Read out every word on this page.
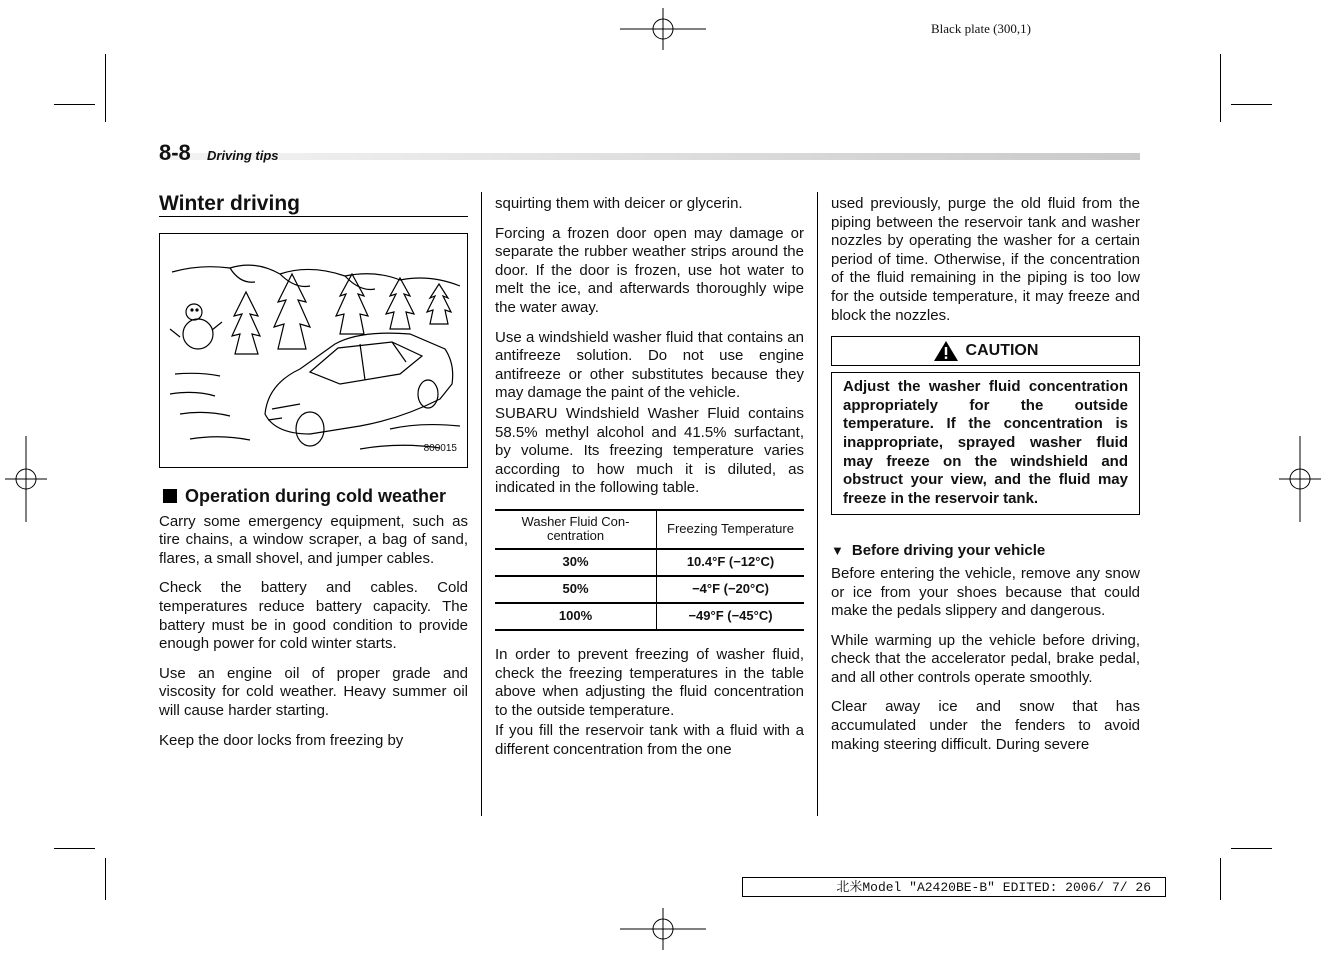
Black plate (300,1)
8-8 Driving tips
Winter driving
800015
Operation during cold weather

Carry some emergency equipment, such as tire chains, a window scraper, a bag of sand, flares, a small shovel, and jumper cables.

Check the battery and cables. Cold temperatures reduce battery capacity. The battery must be in good condition to provide enough power for cold winter starts.

Use an engine oil of proper grade and viscosity for cold weather. Heavy summer oil will cause harder starting.

Keep the door locks from freezing by

squirting them with deicer or glycerin.

Forcing a frozen door open may damage or separate the rubber weather strips around the door. If the door is frozen, use hot water to melt the ice, and afterwards thoroughly wipe the water away.

Use a windshield washer fluid that contains an antifreeze solution. Do not use engine antifreeze or other substitutes because they may damage the paint of the vehicle.

SUBARU Windshield Washer Fluid contains 58.5% methyl alcohol and 41.5% surfactant, by volume. Its freezing temperature varies according to how much it is diluted, as indicated in the following table.

Washer Fluid Con-centration	Freezing Temperature
30%	10.4°F (−12°C)
50%	−4°F (−20°C)
100%	−49°F (−45°C)

In order to prevent freezing of washer fluid, check the freezing temperatures in the table above when adjusting the fluid concentration to the outside temperature.

If you fill the reservoir tank with a fluid with a different concentration from the one

used previously, purge the old fluid from the piping between the reservoir tank and washer nozzles by operating the washer for a certain period of time. Otherwise, if the concentration of the fluid remaining in the piping is too low for the outside temperature, it may freeze and block the nozzles.

CAUTION
Adjust the washer fluid concentration appropriately for the outside temperature. If the concentration is inappropriate, sprayed washer fluid may freeze on the windshield and obstruct your view, and the fluid may freeze in the reservoir tank.
▼ Before driving your vehicle

Before entering the vehicle, remove any snow or ice from your shoes because that could make the pedals slippery and dangerous.

While warming up the vehicle before driving, check that the accelerator pedal, brake pedal, and all other controls operate smoothly.

Clear away ice and snow that has accumulated under the fenders to avoid making steering difficult. During severe

北米Model "A2420BE-B" EDITED: 2006/ 7/ 26
